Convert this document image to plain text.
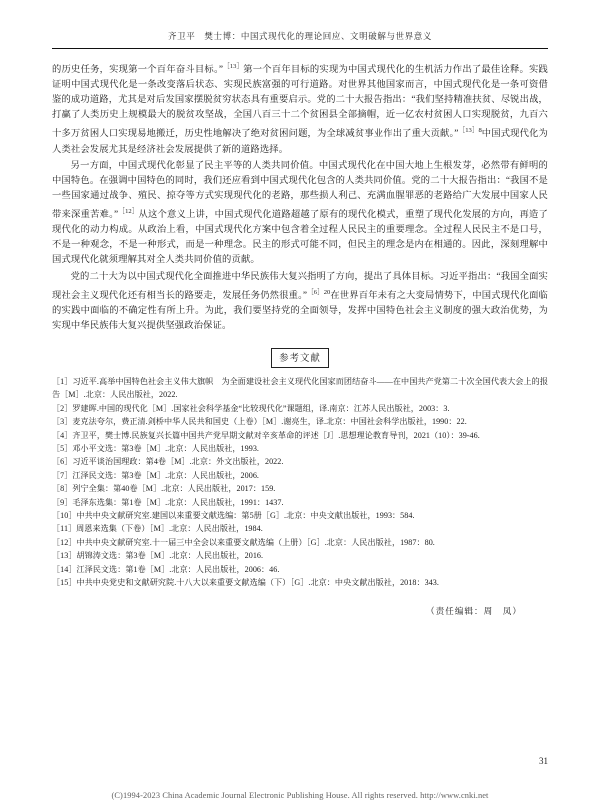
齐卫平　樊士博：中国式现代化的理论回应、文明破解与世界意义

的历史任务，实现第一个百年奋斗目标。”$^{[13]}$第一个百年目标的实现为中国式现代化的生机活力作出了最佳诠释。实践证明中国式现代化是一条改变落后状态、实现民族富强的可行道路。对世界其他国家而言，中国式现代化是一条可资借鉴的成功道路，尤其是对后发国家摆脱贫穷状态具有重要启示。党的二十大报告指出：“我们坚持精准扶贫、尽锐出战，打赢了人类历史上规模最大的脱贫攻坚战，全国八百三十二个贫困县全部摘帽，近一亿农村贫困人口实现脱贫，九百六十多万贫困人口实现易地搬迁，历史性地解决了绝对贫困问题，为全球减贫事业作出了重大贡献。”$^{[13]8}$中国式现代化为人类社会发展尤其是经济社会发展提供了新的道路选择。

另一方面，中国式现代化彰显了民主平等的人类共同价值。中国式现代化在中国大地上生根发芽，必然带有鲜明的中国特色。在强调中国特色的同时，我们还应看到中国式现代化包含的人类共同价值。党的二十大报告指出：“我国不是一些国家通过战争、殖民、掠夺等方式实现现代化的老路，那些损人利己、充满血腥罪恶的老路给广大发展中国家人民带来深重苦难。”$^{[12]}$从这个意义上讲，中国式现代化道路超越了原有的现代化模式，重塑了现代化发展的方向，再造了现代化的动力构成。从政治上看，中国式现代化方案中包含着全过程人民民主的重要理念。全过程人民民主不是口号，不是一种观念，不是一种形式，而是一种理念。民主的形式可能不同，但民主的理念是内在相通的。因此，深刻理解中国式现代化就须理解其对全人类共同价值的贡献。

党的二十大为以中国式现代化全面推进中华民族伟大复兴指明了方向，提出了具体目标。习近平指出：“我国全面实现社会主义现代化还有相当长的路要走，发展任务仍然很重。”$^{[6]20}$在世界百年未有之大变局情势下，中国式现代化面临的实践中面临的不确定性有所上升。为此，我们要坚持党的全面领导，发挥中国特色社会主义制度的强大政治优势，为实现中华民族伟大复兴提供坚强政治保证。

参考文献

［1］习近平.高举中国特色社会主义伟大旗帜　为全面建设社会主义现代化国家而团结奋斗——在中国共产党第二十次全国代表大会上的报告［M］.北京：人民出版社，2022.

［2］罗建晖.中国的现代化［M］.国家社会科学基金“比较现代化”课题组，译.南京：江苏人民出版社，2003：3.

［3］麦克法夸尔，费正清.剑桥中华人民共和国史（上卷）［M］.谢亮生，译.北京：中国社会科学出版社，1990：22.

［4］齐卫平，樊士博.民族复兴长篇中国共产党早期文献对辛亥革命的评述［J］.思想理论教育导刊，2021（10）：39-46.

［5］邓小平文选：第3卷［M］.北京：人民出版社，1993.

［6］习近平谈治国理政：第4卷［M］.北京：外文出版社，2022.

［7］江泽民文选：第3卷［M］.北京：人民出版社，2006.

［8］列宁全集：第40卷［M］.北京：人民出版社，2017：159.

［9］毛泽东选集：第1卷［M］.北京：人民出版社，1991：1437.

［10］中共中央文献研究室.建国以来重要文献选编：第5册［G］.北京：中央文献出版社，1993：584.

［11］周恩来选集（下卷）［M］.北京：人民出版社，1984.

［12］中共中央文献研究室.十一届三中全会以来重要文献选编（上册）［G］.北京：人民出版社，1987：80.

［13］胡锦涛文选：第3卷［M］.北京：人民出版社，2016.

［14］江泽民文选：第1卷［M］.北京：人民出版社，2006：46.

［15］中共中央党史和文献研究院.十八大以来重要文献选编（下）［G］.北京：中央文献出版社，2018：343.

（责任编辑：周　凤）
31
(C)1994-2023 China Academic Journal Electronic Publishing House. All rights reserved. http://www.cnki.net
